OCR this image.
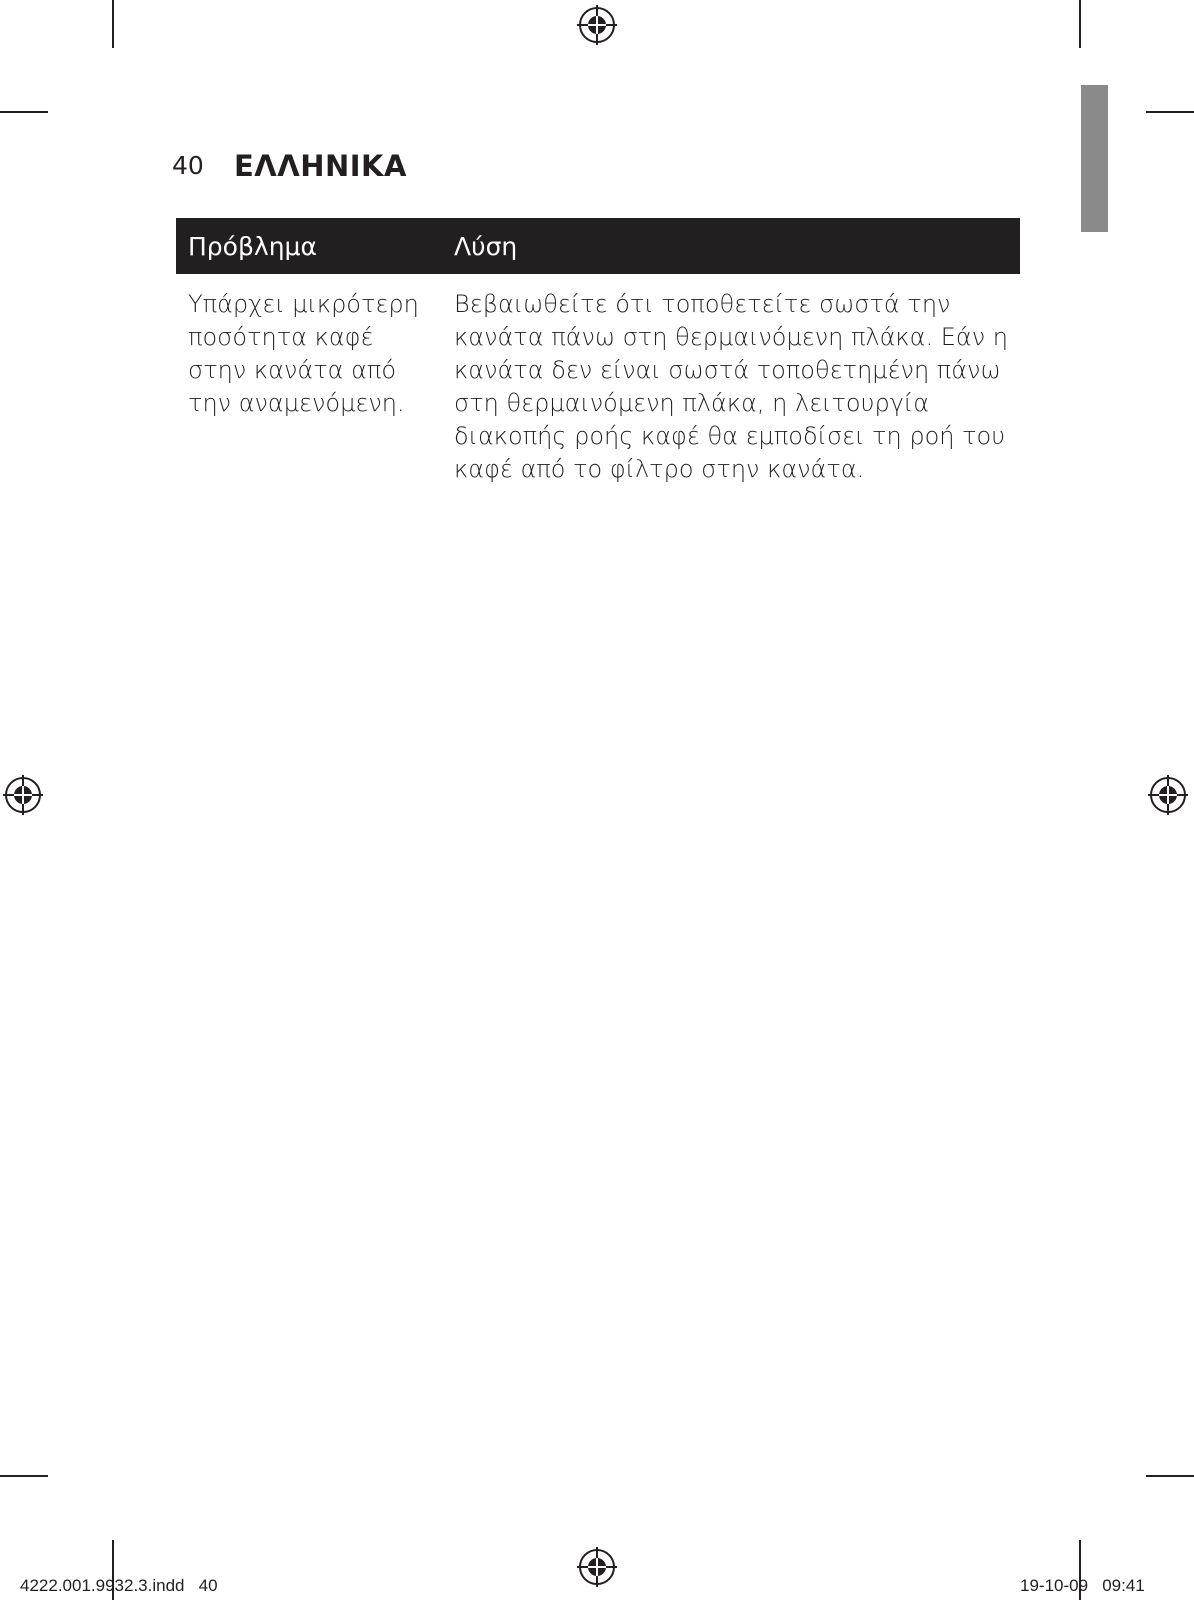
40 ΕΛΛΗΝΙΚΑ
Πρόβλημα	Λύση
Υπάρχει μικρότερη
ποσότητα καφέ
στην κανάτα από
την αναμενόμενη.
Βεβαιωθείτε ότι τοποθετείτε σωστά την
κανάτα πάνω στη θερμαινόμενη πλάκα. Εάν η
κανάτα δεν είναι σωστά τοποθετημένη πάνω
στη θερμαινόμενη πλάκα, η λειτουργία
διακοπής ροής καφέ θα εμποδίσει τη ροή του
καφέ από το φίλτρο στην κανάτα.
4222.001.9932.3.indd   40	19-10-09   09:41
